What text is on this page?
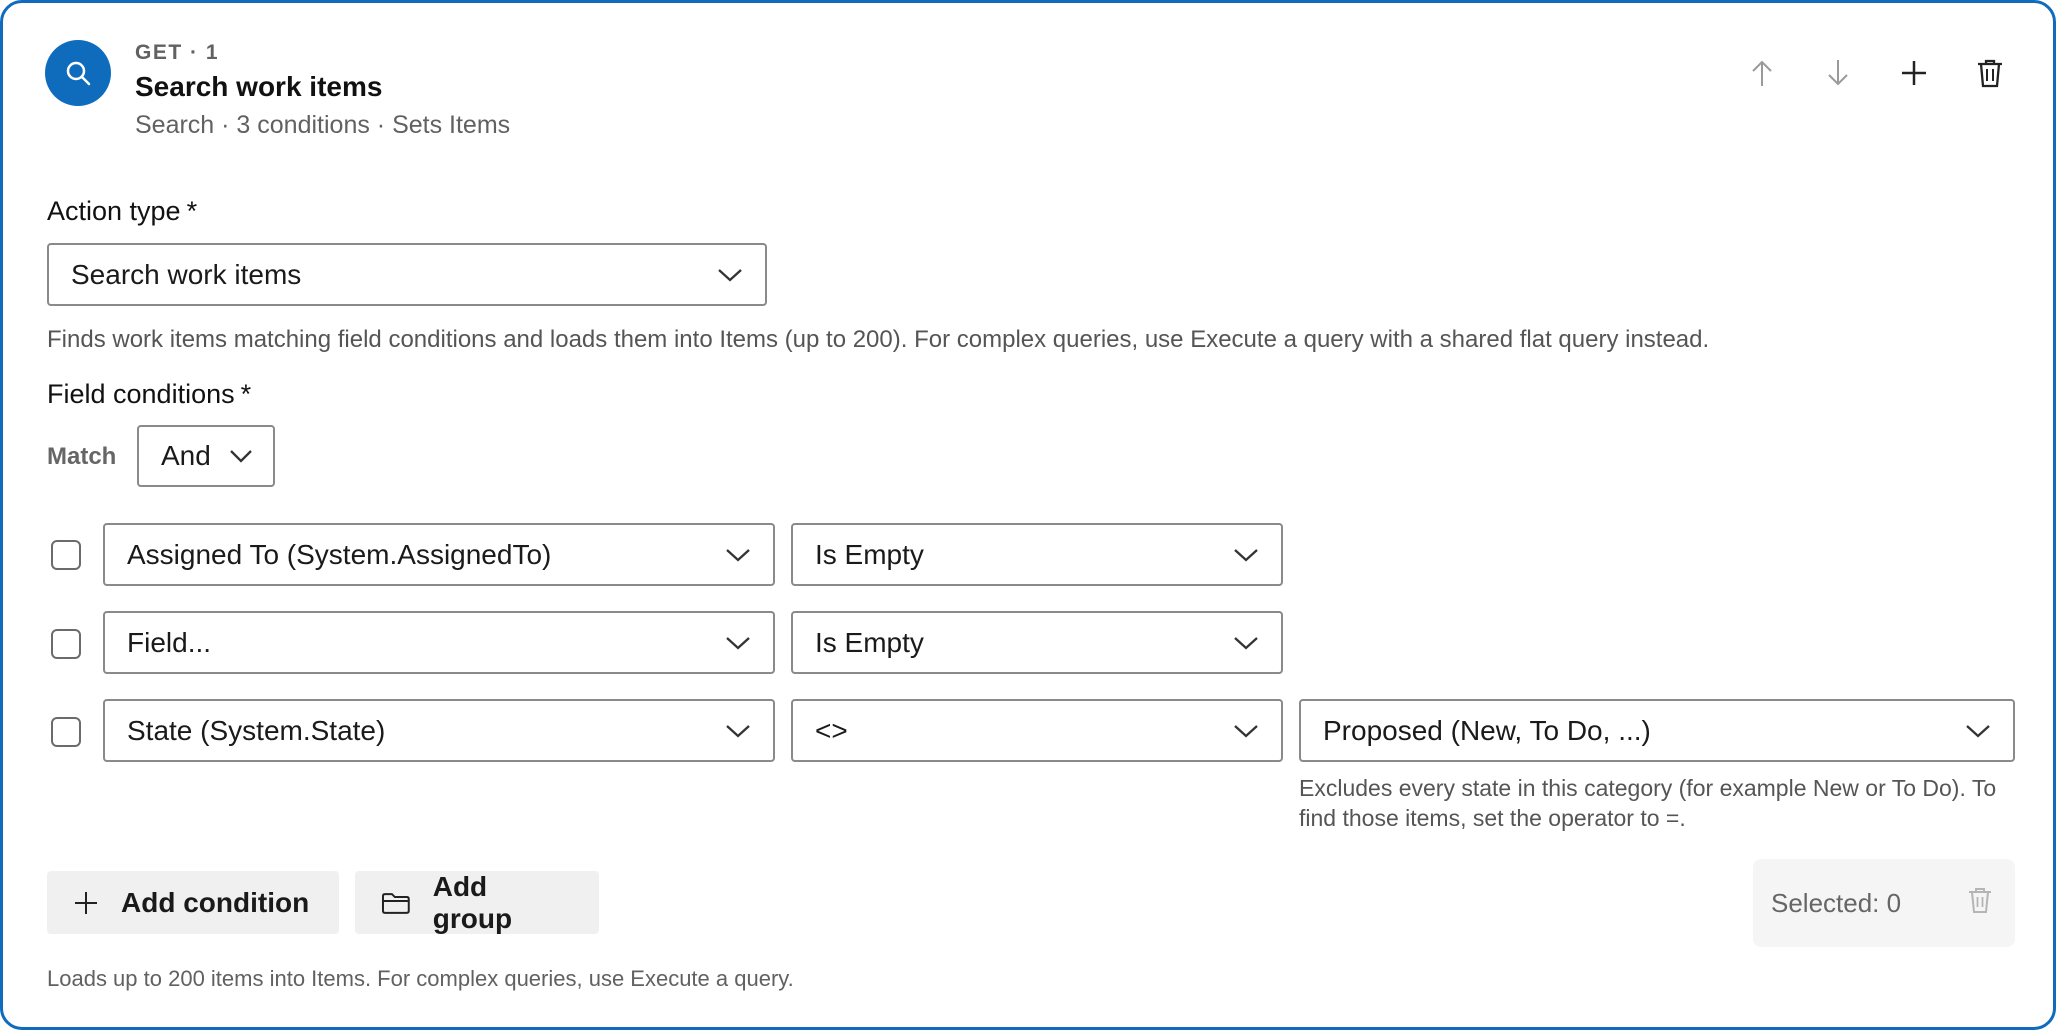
GET · 1
Search work items
Search · 3 conditions · Sets Items
Action type *
Search work items
Finds work items matching field conditions and loads them into Items (up to 200). For complex queries, use Execute a query with a shared flat query instead.
Field conditions *
Match And
Assigned To (System.AssignedTo)	Is Empty
Field...	Is Empty
State (System.State)	<>	Proposed (New, To Do, ...)
Excludes every state in this category (for example New or To Do). To find those items, set the operator to =.
Add condition
Add group	Selected: 0
Loads up to 200 items into Items. For complex queries, use Execute a query.
